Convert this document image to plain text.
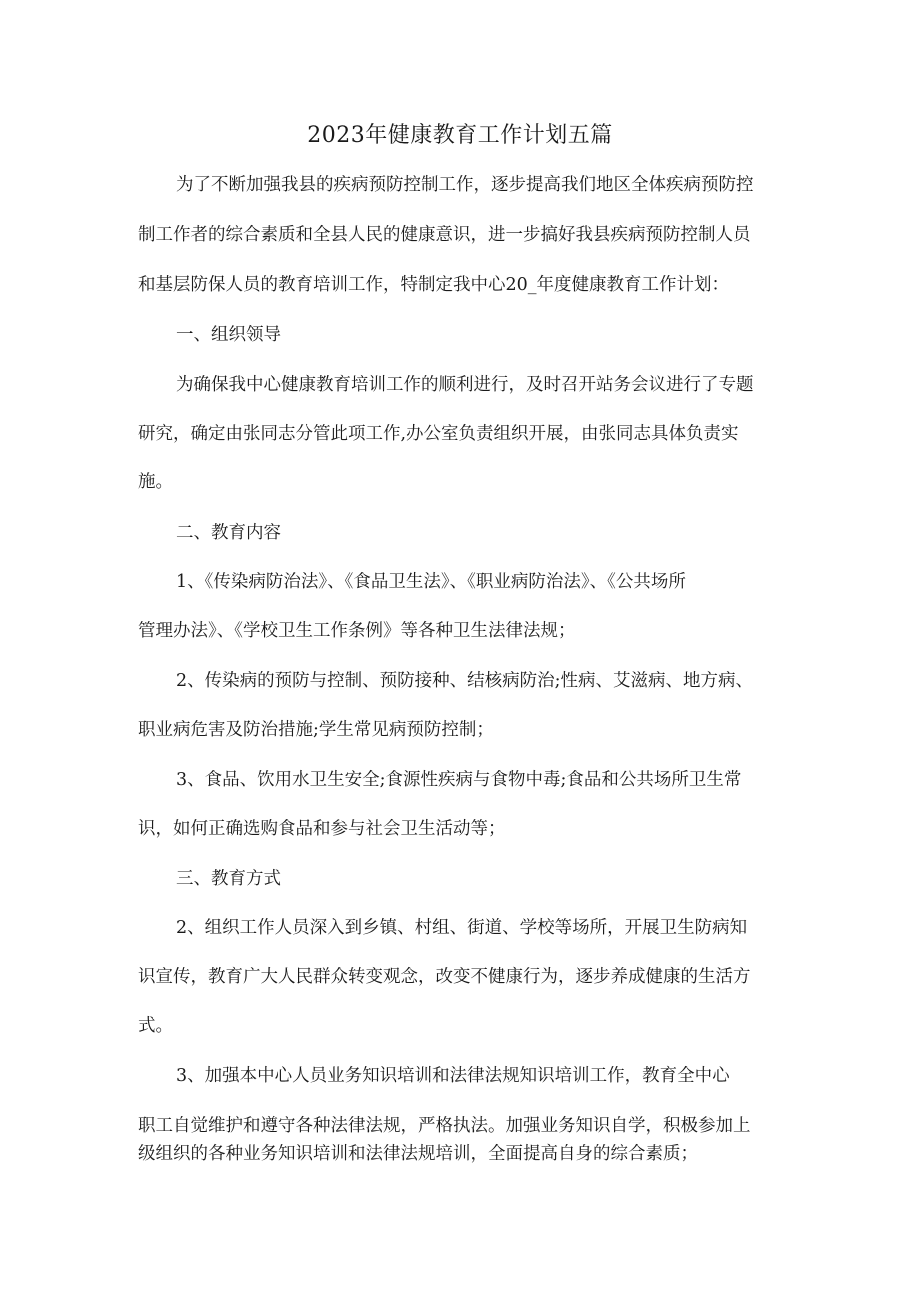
2023年健康教育工作计划五篇
为了不断加强我县的疾病预防控制工作，逐步提高我们地区全体疾病预防控
制工作者的综合素质和全县人民的健康意识，进一步搞好我县疾病预防控制人员
和基层防保人员的教育培训工作，特制定我中心20_年度健康教育工作计划：
一、组织领导
为确保我中心健康教育培训工作的顺利进行，及时召开站务会议进行了专题
研究，确定由张同志分管此项工作,办公室负责组织开展，由张同志具体负责实
施。
二、教育内容
1、《传染病防治法》、《食品卫生法》、《职业病防治法》、《公共场所
管理办法》、《学校卫生工作条例》等各种卫生法律法规；
2、传染病的预防与控制、预防接种、结核病防治;性病、艾滋病、地方病、
职业病危害及防治措施;学生常见病预防控制；
3、食品、饮用水卫生安全;食源性疾病与食物中毒;食品和公共场所卫生常
识，如何正确选购食品和参与社会卫生活动等；
三、教育方式
2、组织工作人员深入到乡镇、村组、街道、学校等场所，开展卫生防病知
识宣传，教育广大人民群众转变观念，改变不健康行为，逐步养成健康的生活方
式。
3、加强本中心人员业务知识培训和法律法规知识培训工作，教育全中心
职工自觉维护和遵守各种法律法规，严格执法。加强业务知识自学，积极参加上
级组织的各种业务知识培训和法律法规培训，全面提高自身的综合素质；
